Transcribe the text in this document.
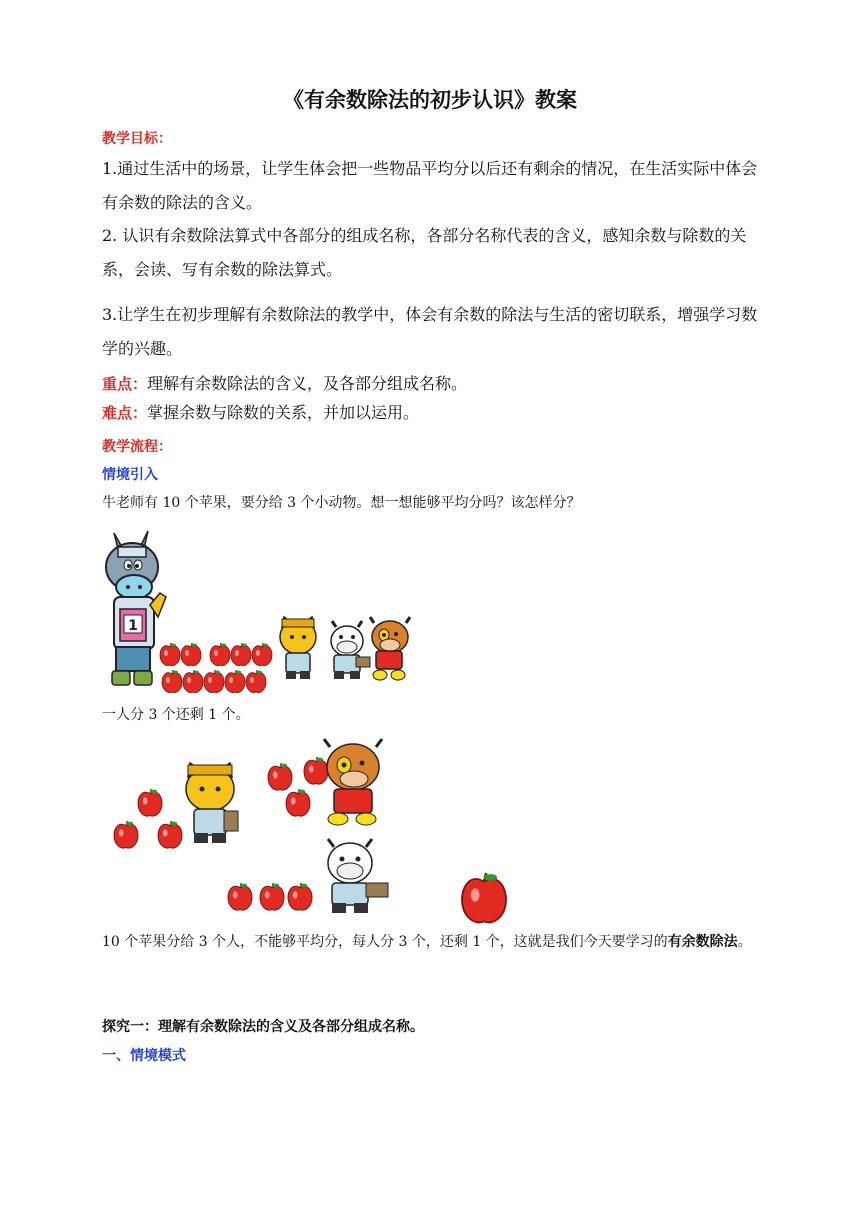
《有余数除法的初步认识》教案
教学目标：
1.通过生活中的场景，让学生体会把一些物品平均分以后还有剩余的情况，在生活实际中体会有余数的除法的含义。
2. 认识有余数除法算式中各部分的组成名称，各部分名称代表的含义，感知余数与除数的关系，会读、写有余数的除法算式。
3.让学生在初步理解有余数除法的教学中，体会有余数的除法与生活的密切联系，增强学习数学的兴趣。
重点：理解有余数除法的含义，及各部分组成名称。
难点：掌握余数与除数的关系，并加以运用。
教学流程：
情境引入
牛老师有 10 个苹果，要分给 3 个小动物。想一想能够平均分吗？该怎样分？
1
一人分 3 个还剩 1 个。
10 个苹果分给 3 个人，不能够平均分，每人分 3 个，还剩 1 个，这就是我们今天要学习的有余数除法。
探究一：理解有余数除法的含义及各部分组成名称。
一、情境模式
